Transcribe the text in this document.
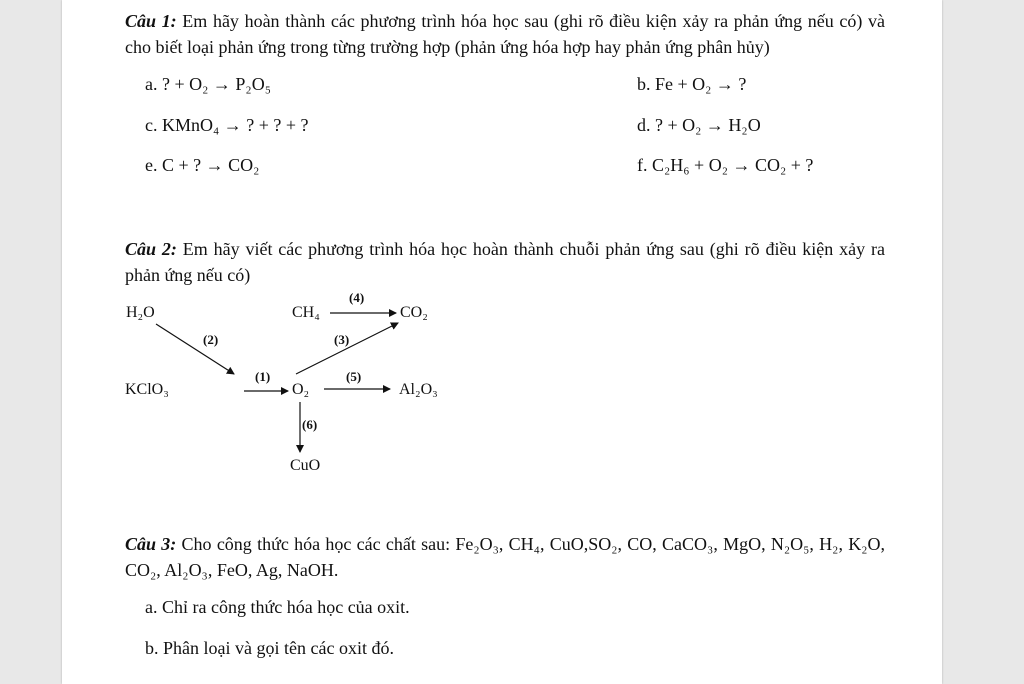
Câu 1: Em hãy hoàn thành các phương trình hóa học sau (ghi rõ điều kiện xảy ra phản ứng nếu có) và cho biết loại phản ứng trong từng trường hợp (phản ứng hóa hợp hay phản ứng phân hủy)
a. ? + O₂ → P₂O₅	b. Fe + O₂ → ?
c. KMnO₄ → ? + ? + ?	d. ? + O₂ → H₂O
e. C + ? → CO₂	f. C₂H₆ + O₂ → CO₂ + ?
Câu 2: Em hãy viết các phương trình hóa học hoàn thành chuỗi phản ứng sau (ghi rõ điều kiện xảy ra phản ứng nếu có)
H₂O	CH₄	CO₂
KClO₃	O₂	Al₂O₃
CuO
(4)
(2)	(3)
(1)	(5)
(6)
Câu 3: Cho công thức hóa học các chất sau: Fe₂O₃, CH₄, CuO,SO₂, CO, CaCO₃, MgO, N₂O₅, H₂, K₂O, CO₂, Al₂O₃, FeO, Ag, NaOH.
a. Chỉ ra công thức hóa học của oxit.
b. Phân loại và gọi tên các oxit đó.
